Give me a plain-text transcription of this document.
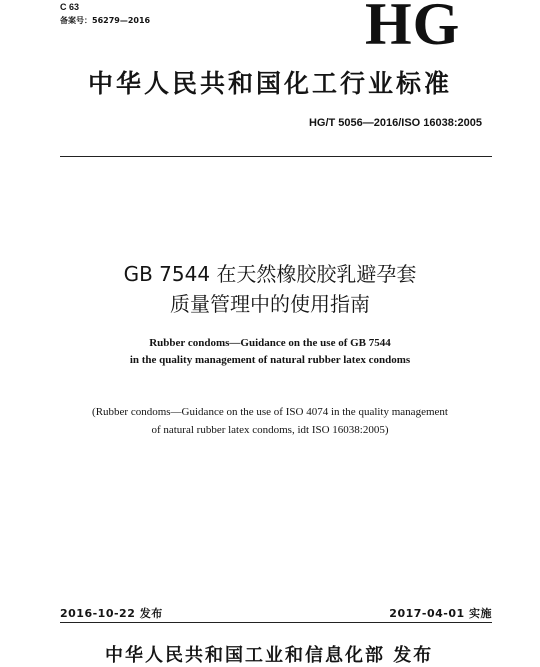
C 63
备案号：56279—2016	HG
中华人民共和国化工行业标准
HG/T 5056—2016/ISO 16038:2005
GB 7544 在天然橡胶胶乳避孕套
质量管理中的使用指南
Rubber condoms—Guidance on the use of GB 7544
in the quality management of natural rubber latex condoms
(Rubber condoms—Guidance on the use of ISO 4074 in the quality management
of natural rubber latex condoms, idt ISO 16038:2005)
2016-10-22 发布	2017-04-01 实施
中华人民共和国工业和信息化部 发布
